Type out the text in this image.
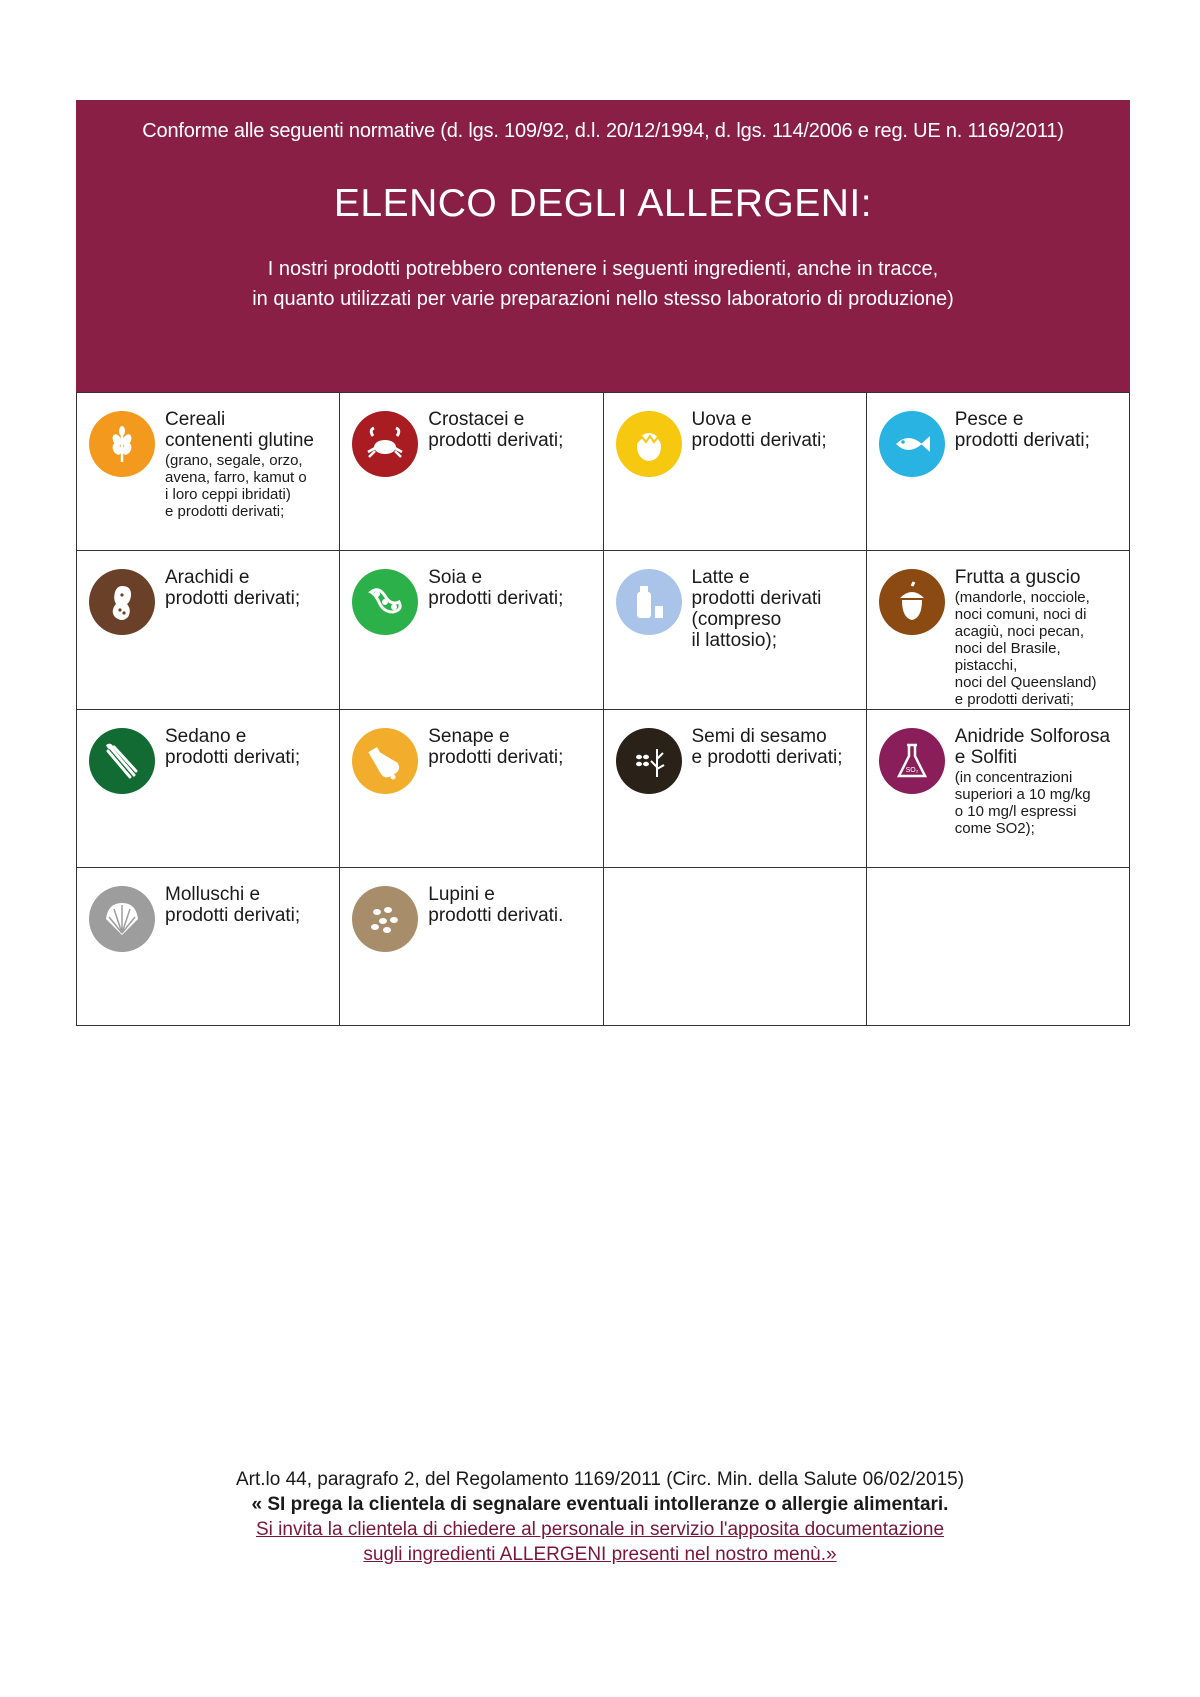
Conforme alle seguenti normative (d. lgs. 109/92, d.l. 20/12/1994, d. lgs. 114/2006 e reg. UE n. 1169/2011)
ELENCO DEGLI ALLERGENI:
I nostri prodotti potrebbero contenere i seguenti ingredienti, anche in tracce,
in quanto utilizzati per varie preparazioni nello stesso laboratorio di produzione)
Cereali
contenenti glutine
(grano, segale, orzo,
avena, farro, kamut o
i loro ceppi ibridati)
e prodotti derivati;
Crostacei e
prodotti derivati;
Uova e
prodotti derivati;
Pesce e
prodotti derivati;
Arachidi e
prodotti derivati;
Soia e
prodotti derivati;
Latte e
prodotti derivati
(compreso
il lattosio);
Frutta a guscio
(mandorle, nocciole,
noci comuni, noci di
acagiù, noci pecan,
noci del Brasile, pistacchi,
noci del Queensland)
e prodotti derivati;
Sedano e
prodotti derivati;
Senape e
prodotti derivati;
Semi di sesamo
e prodotti derivati;
SO₂
Anidride Solforosa
e Solfiti
(in concentrazioni
superiori a 10 mg/kg
o 10 mg/l espressi
come SO2);
Molluschi e
prodotti derivati;
Lupini e
prodotti derivati.
Art.lo 44, paragrafo 2, del Regolamento 1169/2011 (Circ. Min. della Salute 06/02/2015)
« SI prega la clientela di segnalare eventuali intolleranze o allergie alimentari.
Si invita la clientela di chiedere al personale in servizio l'apposita documentazione
sugli ingredienti ALLERGENI presenti nel nostro menù.»
